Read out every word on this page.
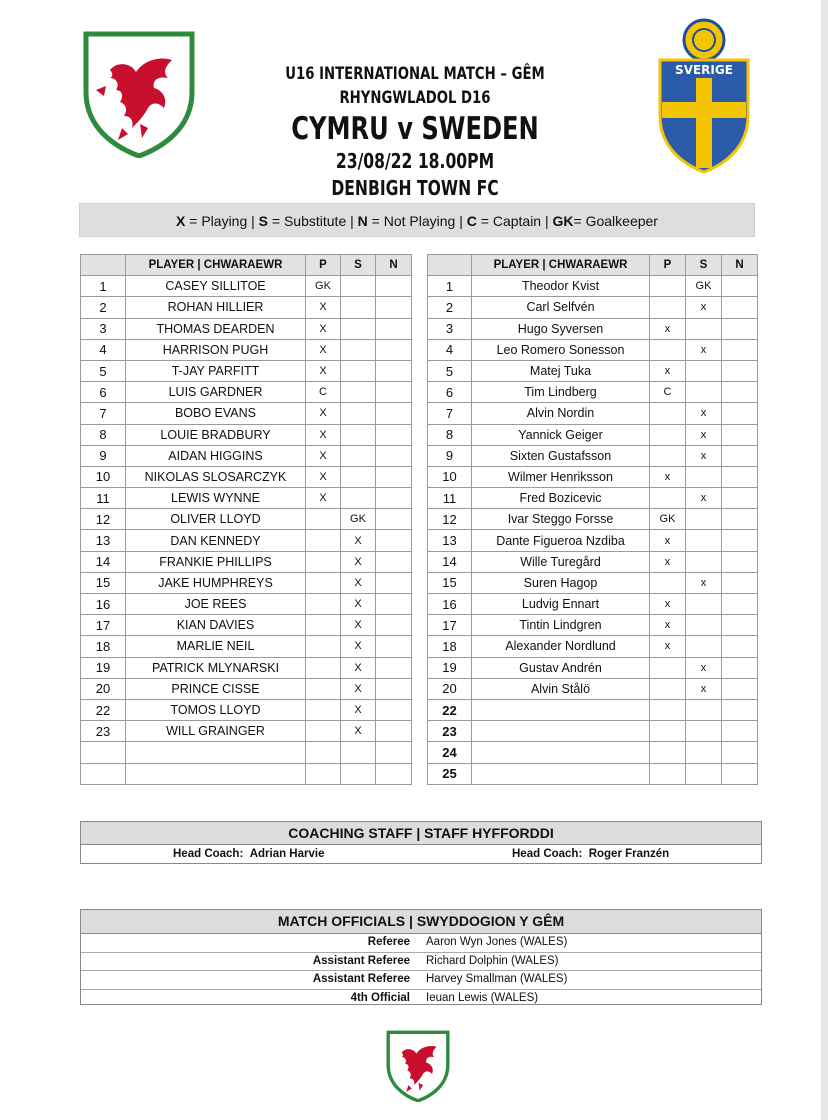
SVERIGE
U16 INTERNATIONAL MATCH – GÊM RHYNGWLADOL D16
CYMRU v SWEDEN
23/08/22 18.00PM
DENBIGH TOWN FC
X = Playing | S = Substitute | N = Not Playing | C = Captain | GK= Goalkeeper
	PLAYER | CHWARAEWR	P	S	N
1	CASEY SILLITOE	GK		
2	ROHAN HILLIER	X		
3	THOMAS DEARDEN	X		
4	HARRISON PUGH	X		
5	T-JAY PARFITT	X		
6	LUIS GARDNER	C		
7	BOBO EVANS	X		
8	LOUIE BRADBURY	X		
9	AIDAN HIGGINS	X		
10	NIKOLAS SLOSARCZYK	X		
11	LEWIS WYNNE	X		
12	OLIVER LLOYD		GK	
13	DAN KENNEDY		X	
14	FRANKIE PHILLIPS		X	
15	JAKE HUMPHREYS		X	
16	JOE REES		X	
17	KIAN DAVIES		X	
18	MARLIE NEIL		X	
19	PATRICK MLYNARSKI		X	
20	PRINCE CISSE		X	
22	TOMOS LLOYD		X	
23	WILL GRAINGER		X	

	PLAYER | CHWARAEWR	P	S	N
1	Theodor Kvist		GK	
2	Carl Selfvén		x	
3	Hugo Syversen	x		
4	Leo Romero Sonesson		x	
5	Matej Tuka	x		
6	Tim Lindberg	C		
7	Alvin Nordin		x	
8	Yannick Geiger		x	
9	Sixten Gustafsson		x	
10	Wilmer Henriksson	x		
11	Fred Bozicevic		x	
12	Ivar Steggo Forsse	GK		
13	Dante Figueroa Nzdiba	x		
14	Wille Turegård	x		
15	Suren Hagop		x	
16	Ludvig Ennart	x		
17	Tintin Lindgren	x		
18	Alexander Nordlund	x		
19	Gustav Andrén		x	
20	Alvin Stålö		x	
22				
23				
24				
25				
COACHING STAFF | STAFF HYFFORDDI
Head Coach: Adrian Harvie	Head Coach: Roger Franzén
MATCH OFFICIALS | SWYDDOGION Y GÊM
Referee Aaron Wyn Jones (WALES)
Assistant Referee Richard Dolphin (WALES)
Assistant Referee Harvey Smallman (WALES)
4th Official Ieuan Lewis (WALES)
